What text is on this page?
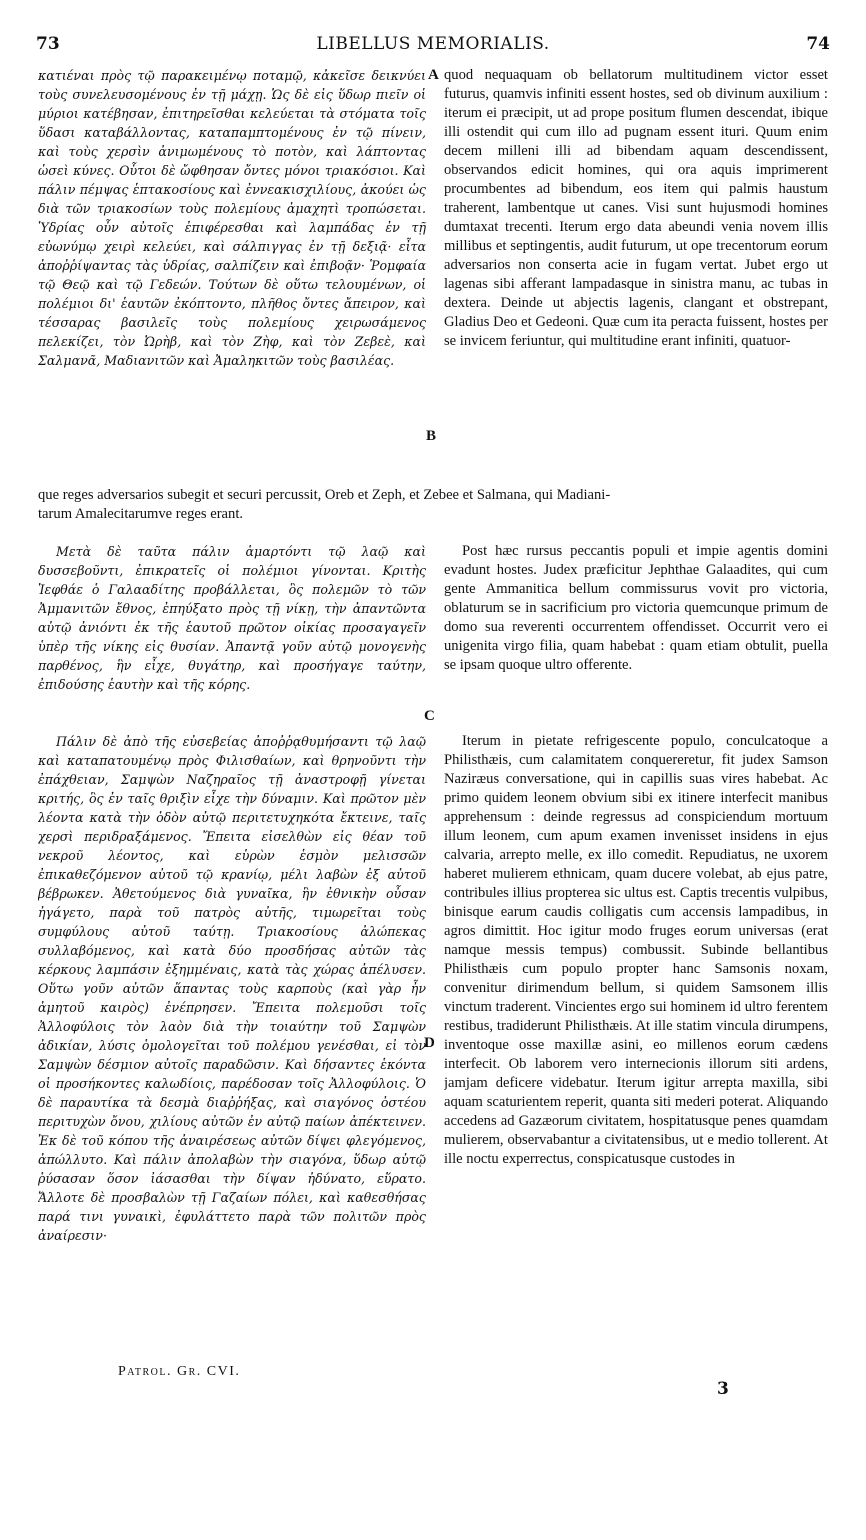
73	LIBELLUS MEMORIALIS.	74

κατιέναι πρὸς τῷ παρακειμένῳ ποταμῷ, κἀκεῖσε δεικνύει τοὺς συνελευσομένους ἐν τῇ μάχῃ. Ὡς δὲ εἰς ὕδωρ πιεῖν οἱ μύριοι κατέβησαν, ἐπιτηρεῖσθαι κελεύεται τὰ στόματα τοῖς ὕδασι καταβάλλοντας, καταπαμπτομένους ἐν τῷ πίνειν, καὶ τοὺς χερσὶν ἀνιμωμένους τὸ ποτὸν, καὶ λάπτοντας ὡσεὶ κύνες. Οὗτοι δὲ ὤφθησαν ὄντες μόνοι τριακόσιοι. Καὶ πάλιν πέμψας ἑπτακοσίους καὶ ἐννεακισχιλίους, ἀκούει ὡς διὰ τῶν τριακοσίων τοὺς πολεμίους ἀμαχητὶ τροπώσεται. Ὑδρίας οὖν αὐτοῖς ἐπιφέρεσθαι καὶ λαμπάδας ἐν τῇ εὐωνύμῳ χειρὶ κελεύει, καὶ σάλπιγγας ἐν τῇ δεξιᾷ· εἶτα ἀποῤῥίψαντας τὰς ὑδρίας, σαλπίζειν καὶ ἐπιβοᾷν· Ῥομφαία τῷ Θεῷ καὶ τῷ Γεδεών. Τούτων δὲ οὕτω τελουμένων, οἱ πολέμιοι δι' ἑαυτῶν ἐκόπτοντο, πλῆθος ὄντες ἄπειρον, καὶ τέσσαρας βασιλεῖς τοὺς πολεμίους χειρωσάμενος πελεκίζει, τὸν Ὠρὴβ, καὶ τὸν Ζὴφ, καὶ τὸν Ζεβεὲ, καὶ Σαλμανᾶ, Μαδιανιτῶν καὶ Ἀμαληκιτῶν τοὺς βασιλέας.

quod nequaquam ob bellatorum multitudinem victor esset futurus, quamvis infiniti essent hostes, sed ob divinum auxilium : iterum ei præcipit, ut ad prope positum flumen descendat, ibique illi ostendit qui cum illo ad pugnam essent ituri. Quum enim decem milleni illi ad bibendam aquam descendissent, observandos edicit homines, qui ora aquis imprimerent procumbentes ad bibendum, eos item qui palmis haustum traherent, lambentque ut canes. Visi sunt hujusmodi homines dumtaxat trecenti. Iterum ergo data abeundi venia novem illis millibus et septingentis, audit futurum, ut ope trecentorum eorum adversarios non conserta acie in fugam vertat. Jubet ergo ut lagenas sibi afferant lampadasque in sinistra manu, ac tubas in dextera. Deinde ut abjectis lagenis, clangant et obstrepant, Gladius Deo et Gedeoni. Quæ cum ita peracta fuissent, hostes per se invicem feriuntur, qui multitudine erant infiniti, quatuor-

que reges adversarios subegit et securi percussit, Oreb et Zeph, et Zebee et Salmana, qui Madiani-

tarum Amalecitarumve reges erant.

Μετὰ δὲ ταῦτα πάλιν ἁμαρτόντι τῷ λαῷ καὶ δυσσεβοῦντι, ἐπικρατεῖς οἱ πολέμιοι γίνονται. Κριτὴς Ἰεφθάε ὁ Γαλααδίτης προβάλλεται, ὃς πολεμῶν τὸ τῶν Ἀμμανιτῶν ἔθνος, ἐπηύξατο πρὸς τῇ νίκῃ, τὴν ἀπαντῶντα αὐτῷ ἀνιόντι ἐκ τῆς ἑαυτοῦ πρῶτον οἰκίας προσαγαγεῖν ὑπὲρ τῆς νίκης εἰς θυσίαν. Ἀπαντᾷ γοῦν αὐτῷ μονογενὴς παρθένος, ἣν εἶχε, θυγάτηρ, καὶ προσήγαγε ταύτην, ἐπιδούσης ἑαυτὴν καὶ τῆς κόρης.

Post hæc rursus peccantis populi et impie agentis domini evadunt hostes. Judex præficitur Jephthae Galaadites, qui cum gente Ammanitica bellum commissurus vovit pro victoria, oblaturum se in sacrificium pro victoria quemcunque primum de domo sua reverenti occurrentem offendisset. Occurrit vero ei unigenita virgo filia, quam habebat : quam etiam obtulit, puella se ipsam quoque ultro offerente.

Πάλιν δὲ ἀπὸ τῆς εὐσεβείας ἀποῤῥᾳθυμήσαντι τῷ λαῷ καὶ καταπατουμένῳ πρὸς Φιλισθαίων, καὶ θρηνοῦντι τὴν ἐπάχθειαν, Σαμψὼν Ναζηραῖος τῇ ἀναστροφῇ γίνεται κριτής, ὃς ἐν ταῖς θριξὶν εἶχε τὴν δύναμιν. Καὶ πρῶτον μὲν λέοντα κατὰ τὴν ὁδὸν αὐτῷ περιτετυχηκότα ἔκτεινε, ταῖς χερσὶ περιδραξάμενος. Ἔπειτα εἰσελθὼν εἰς θέαν τοῦ νεκροῦ λέοντος, καὶ εὑρὼν ἑσμὸν μελισσῶν ἐπικαθεζόμενον αὐτοῦ τῷ κρανίῳ, μέλι λαβὼν ἐξ αὐτοῦ βέβρωκεν. Ἀθετούμενος διὰ γυναῖκα, ἣν ἐθνικὴν οὖσαν ἠγάγετο, παρὰ τοῦ πατρὸς αὐτῆς, τιμωρεῖται τοὺς συμφύλους αὐτοῦ ταύτῃ. Τριακοσίους ἀλώπεκας συλλαβόμενος, καὶ κατὰ δύο προσδήσας αὐτῶν τὰς κέρκους λαμπάσιν ἐξημμέναις, κατὰ τὰς χώρας ἀπέλυσεν. Οὕτω γοῦν αὐτῶν ἅπαντας τοὺς καρποὺς (καὶ γὰρ ἦν ἀμητοῦ καιρὸς) ἐνέπρησεν. Ἔπειτα πολεμοῦσι τοῖς Ἀλλοφύλοις τὸν λαὸν διὰ τὴν τοιαύτην τοῦ Σαμψὼν ἀδικίαν, λύσις ὁμολογεῖται τοῦ πολέμου γενέσθαι, εἰ τὸν Σαμψὼν δέσμιον αὐτοῖς παραδῶσιν. Καὶ δήσαντες ἑκόντα οἱ προσήκοντες καλωδίοις, παρέδοσαν τοῖς Ἀλλοφύλοις. Ὁ δὲ παραυτίκα τὰ δεσμὰ διαῤῥήξας, καὶ σιαγόνος ὀστέου περιτυχὼν ὄνου, χιλίους αὐτῶν ἐν αὐτῷ παίων ἀπέκτεινεν. Ἐκ δὲ τοῦ κόπου τῆς ἀναιρέσεως αὐτῶν δίψει φλεγόμενος, ἀπώλλυτο. Καὶ πάλιν ἀπολαβὼν τὴν σιαγόνα, ὕδωρ αὐτῷ ῥύσασαν ὅσον ἰάσασθαι τὴν δίψαν ἠδύνατο, εὕρατο. Ἄλλοτε δὲ προσβαλὼν τῇ Γαζαίων πόλει, καὶ καθεσθήσας παρά τινι γυναικὶ, ἐφυλάττετο παρὰ τῶν πολιτῶν πρὸς ἀναίρεσιν·

Iterum in pietate refrigescente populo, conculcatoque a Philisthæis, cum calamitatem conquereretur, fit judex Samson Naziræus conversatione, qui in capillis suas vires habebat. Ac primo quidem leonem obvium sibi ex itinere interfecit manibus apprehensum : deinde regressus ad conspiciendum mortuum illum leonem, cum apum examen invenisset insidens in ejus calvaria, arrepto melle, ex illo comedit. Repudiatus, ne uxorem haberet mulierem ethnicam, quam ducere volebat, ab ejus patre, contribules illius propterea sic ultus est. Captis trecentis vulpibus, binisque earum caudis colligatis cum accensis lampadibus, in agros dimittit. Hoc igitur modo fruges eorum universas (erat namque messis tempus) combussit. Subinde bellantibus Philisthæis cum populo propter hanc Samsonis noxam, convenitur dirimendum bellum, si quidem Samsonem illis vinctum traderent. Vincientes ergo sui hominem id ultro ferentem restibus, tradiderunt Philisthæis. At ille statim vincula dirumpens, inventoque osse maxillæ asini, eo millenos eorum cædens interfecit. Ob laborem vero internecionis illorum siti ardens, jamjam deficere videbatur. Iterum igitur arrepta maxilla, sibi aquam scaturientem reperit, quanta siti mederi poterat. Aliquando accedens ad Gazæorum civitatem, hospitatusque penes quamdam mulierem, observabantur a civitatensibus, ut e medio tollerent. At ille noctu experrectus, conspicatusque custodes in

A
B
C
D
Patrol. Gr. CVI.
3
